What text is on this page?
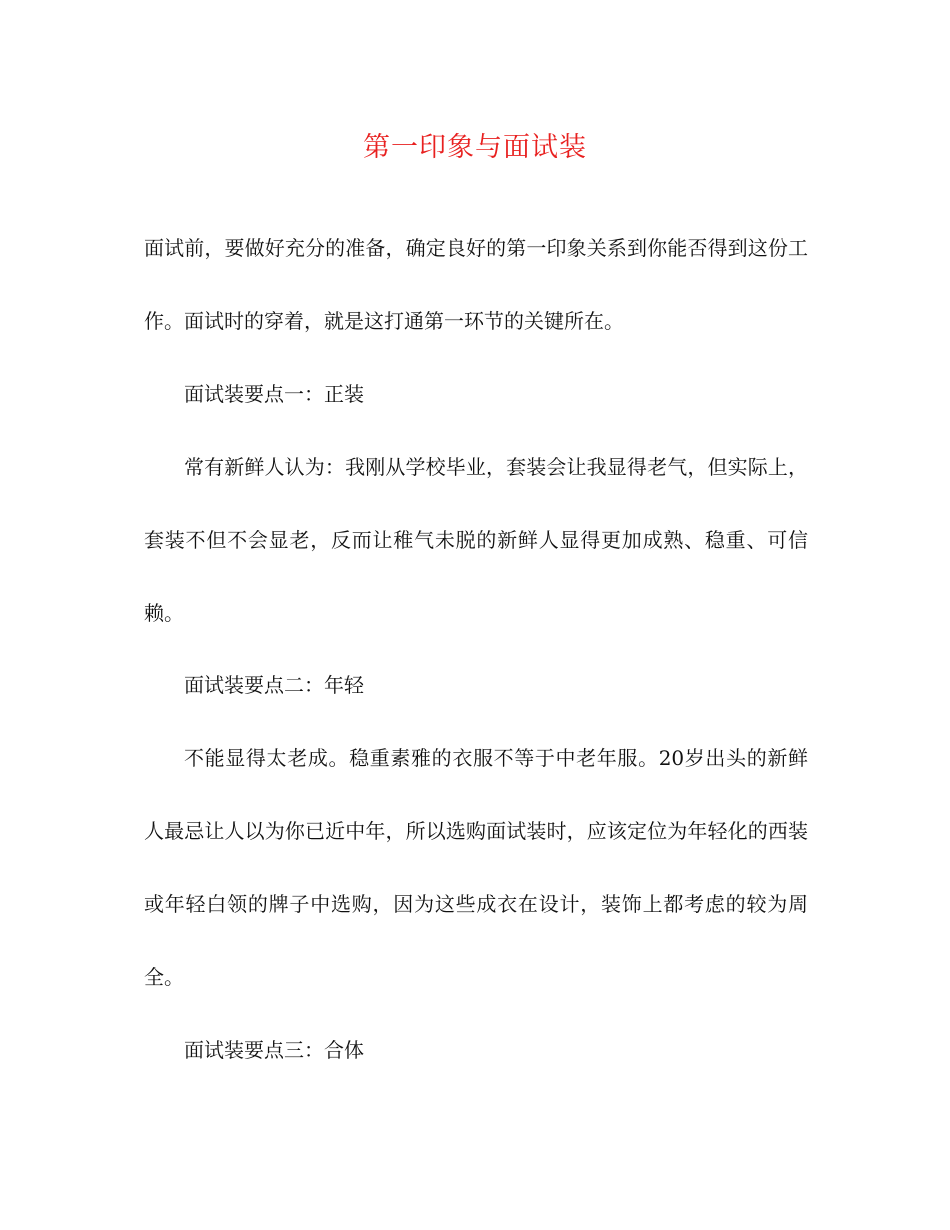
第一印象与面试装

面试前，要做好充分的准备，确定良好的第一印象关系到你能否得到这份工作。面试时的穿着，就是这打通第一环节的关键所在。

面试装要点一：正装

常有新鲜人认为：我刚从学校毕业，套装会让我显得老气，但实际上，套装不但不会显老，反而让稚气未脱的新鲜人显得更加成熟、稳重、可信赖。

面试装要点二：年轻

不能显得太老成。稳重素雅的衣服不等于中老年服。20岁出头的新鲜人最忌让人以为你已近中年，所以选购面试装时，应该定位为年轻化的西装或年轻白领的牌子中选购，因为这些成衣在设计，装饰上都考虑的较为周全。

面试装要点三：合体
